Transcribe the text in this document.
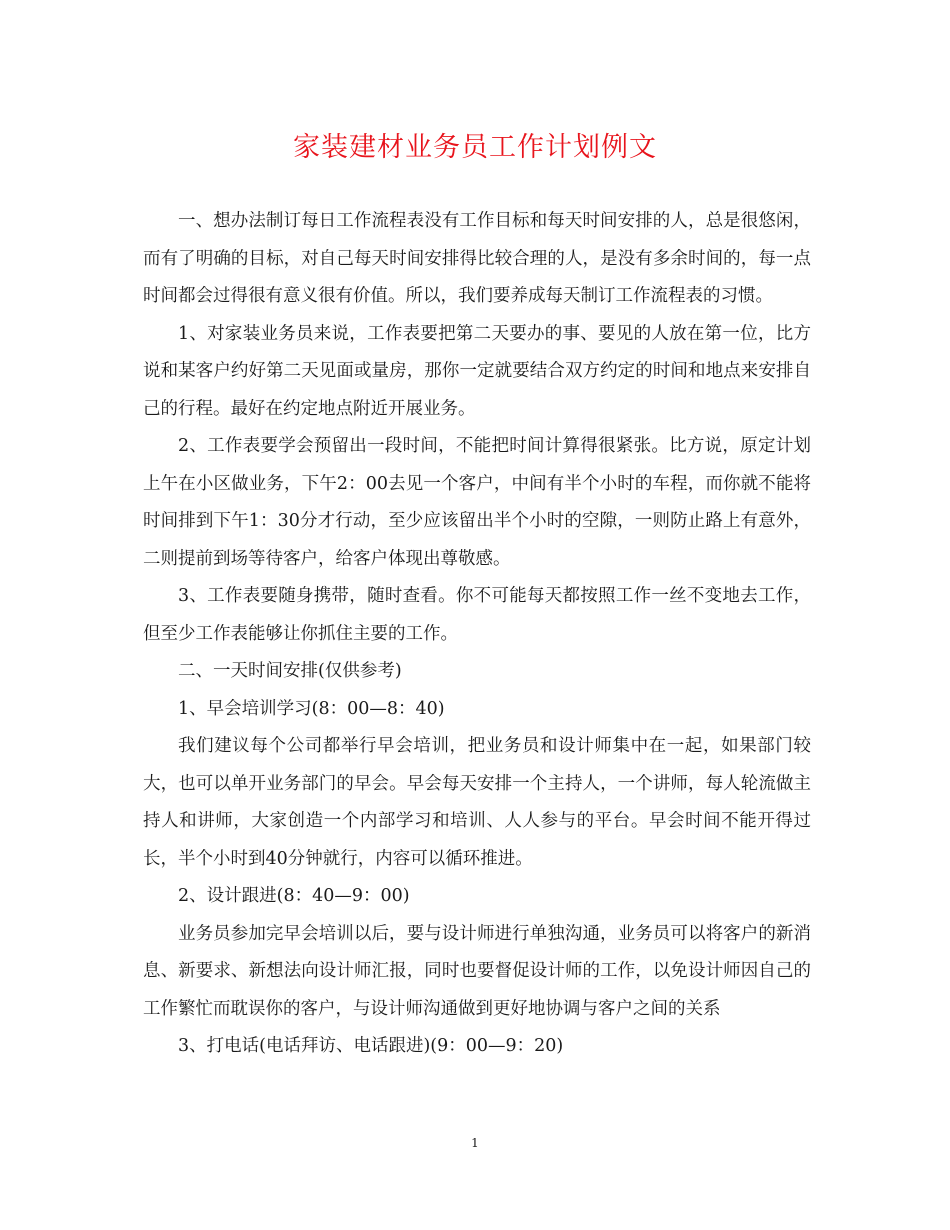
家装建材业务员工作计划例文

一、想办法制订每日工作流程表没有工作目标和每天时间安排的人，总是很悠闲，而有了明确的目标，对自己每天时间安排得比较合理的人，是没有多余时间的，每一点时间都会过得很有意义很有价值。所以，我们要养成每天制订工作流程表的习惯。

1、对家装业务员来说，工作表要把第二天要办的事、要见的人放在第一位，比方说和某客户约好第二天见面或量房，那你一定就要结合双方约定的时间和地点来安排自己的行程。最好在约定地点附近开展业务。

2、工作表要学会预留出一段时间，不能把时间计算得很紧张。比方说，原定计划上午在小区做业务，下午2：00去见一个客户，中间有半个小时的车程，而你就不能将时间排到下午1：30分才行动，至少应该留出半个小时的空隙，一则防止路上有意外，二则提前到场等待客户，给客户体现出尊敬感。

3、工作表要随身携带，随时查看。你不可能每天都按照工作一丝不变地去工作，但至少工作表能够让你抓住主要的工作。

二、一天时间安排(仅供参考)

1、早会培训学习(8：00—8：40)

我们建议每个公司都举行早会培训，把业务员和设计师集中在一起，如果部门较大，也可以单开业务部门的早会。早会每天安排一个主持人，一个讲师，每人轮流做主持人和讲师，大家创造一个内部学习和培训、人人参与的平台。早会时间不能开得过长，半个小时到40分钟就行，内容可以循环推进。

2、设计跟进(8：40—9：00)

业务员参加完早会培训以后，要与设计师进行单独沟通，业务员可以将客户的新消息、新要求、新想法向设计师汇报，同时也要督促设计师的工作，以免设计师因自己的工作繁忙而耽误你的客户，与设计师沟通做到更好地协调与客户之间的关系

3、打电话(电话拜访、电话跟进)(9：00—9：20)

1
